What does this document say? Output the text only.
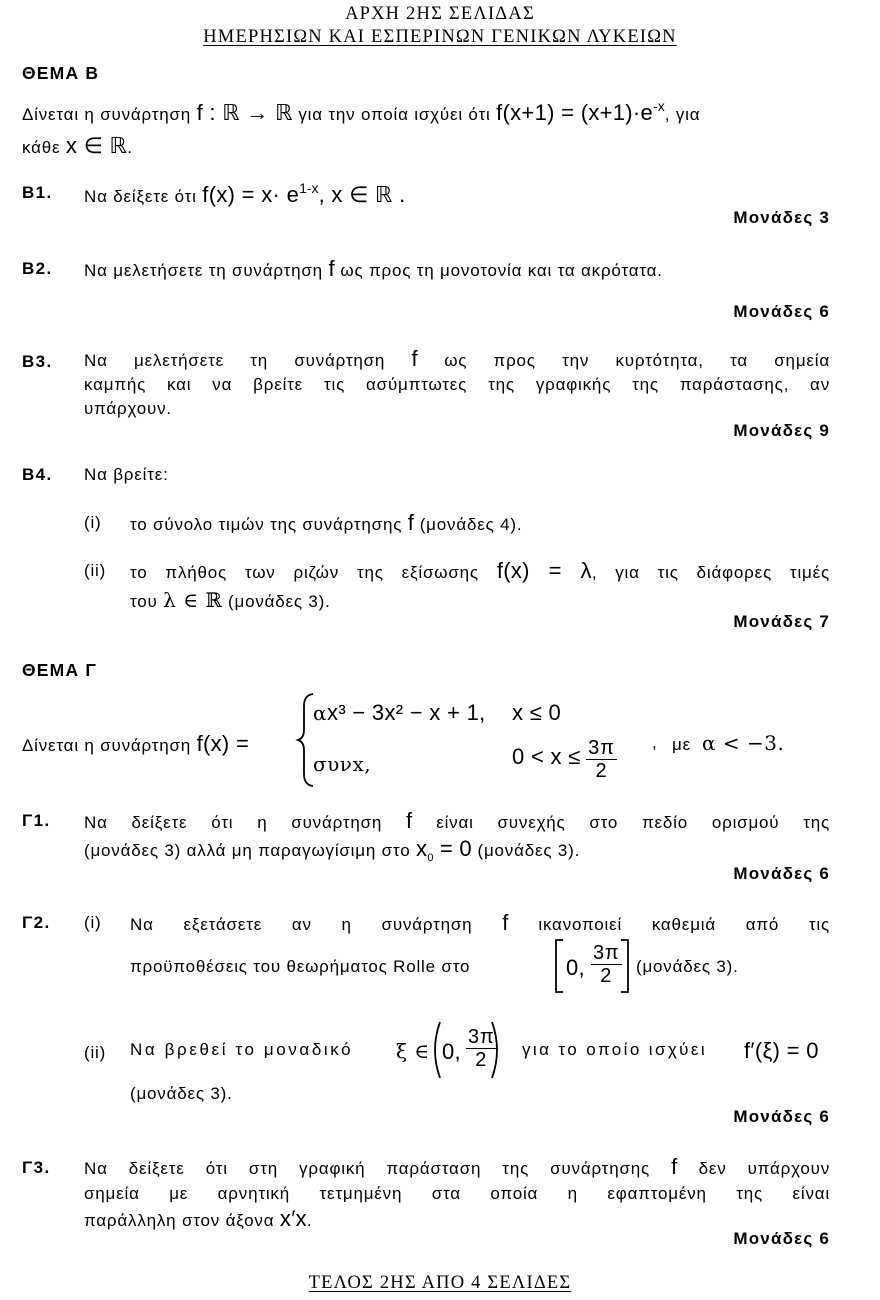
ΑΡΧΗ 2ΗΣ ΣΕΛΙΔΑΣ
ΗΜΕΡΗΣΙΩΝ ΚΑΙ ΕΣΠΕΡΙΝΩΝ ΓΕΝΙΚΩΝ ΛΥΚΕΙΩΝ
ΘΕΜΑ Β
Δίνεται η συνάρτηση f : ℝ → ℝ για την οποία ισχύει ότι $f(x+1) = (x+1)\cdot e^{-x}$, για
κάθε x ∈ ℝ.
Β1. Να δείξετε ότι $f(x) = x\cdot e^{1-x}$, x ∈ ℝ .
Μονάδες 3
Β2. Να μελετήσετε τη συνάρτηση f ως προς τη μονοτονία και τα ακρότατα.
Μονάδες 6
Β3. Να μελετήσετε τη συνάρτηση f ως προς την κυρτότητα, τα σημεία
καμπής και να βρείτε τις ασύμπτωτες της γραφικής της παράστασης, αν
υπάρχουν.
Μονάδες 9
Β4. Να βρείτε:
(i) το σύνολο τιμών της συνάρτησης f (μονάδες 4).
(ii) το πλήθος των ριζών της εξίσωσης f(x) = λ, για τις διάφορες τιμές
του λ ∈ ℝ (μονάδες 3).
Μονάδες 7
ΘΕΜΑ Γ
Δίνεται η συνάρτηση f(x) =
αx³ − 3x² − x + 1, x ≤ 0
συνx,	$0 < x \le \frac{3\pi}{2}$ , με α < −3.
Γ1. Να δείξετε ότι η συνάρτηση f είναι συνεχής στο πεδίο ορισμού της
(μονάδες 3) αλλά μη παραγωγίσιμη στο $x_0 = 0$ (μονάδες 3).
Μονάδες 6
Γ2. (i) Να εξετάσετε αν η συνάρτηση f ικανοποιεί καθεμιά από τις
προϋποθέσεις του θεωρήματος Rolle στο	0, $\frac{3\pi}{2} (\mu o\nu ά\delta\varepsilon\varsigma$ 3).
(ii) Να βρεθεί το μοναδικό ξ ∈ 0, $\frac{3\pi}{2}$ για το οποίο ισχύει f′(ξ) = 0
(μονάδες 3).
Μονάδες 6
Γ3. Να δείξετε ότι στη γραφική παράσταση της συνάρτησης f δεν υπάρχουν
σημεία με αρνητική τετμημένη στα οποία η εφαπτομένη της είναι
παράλληλη στον άξονα x′x.
Μονάδες 6
ΤΕΛΟΣ 2ΗΣ ΑΠΟ 4 ΣΕΛΙΔΕΣ
